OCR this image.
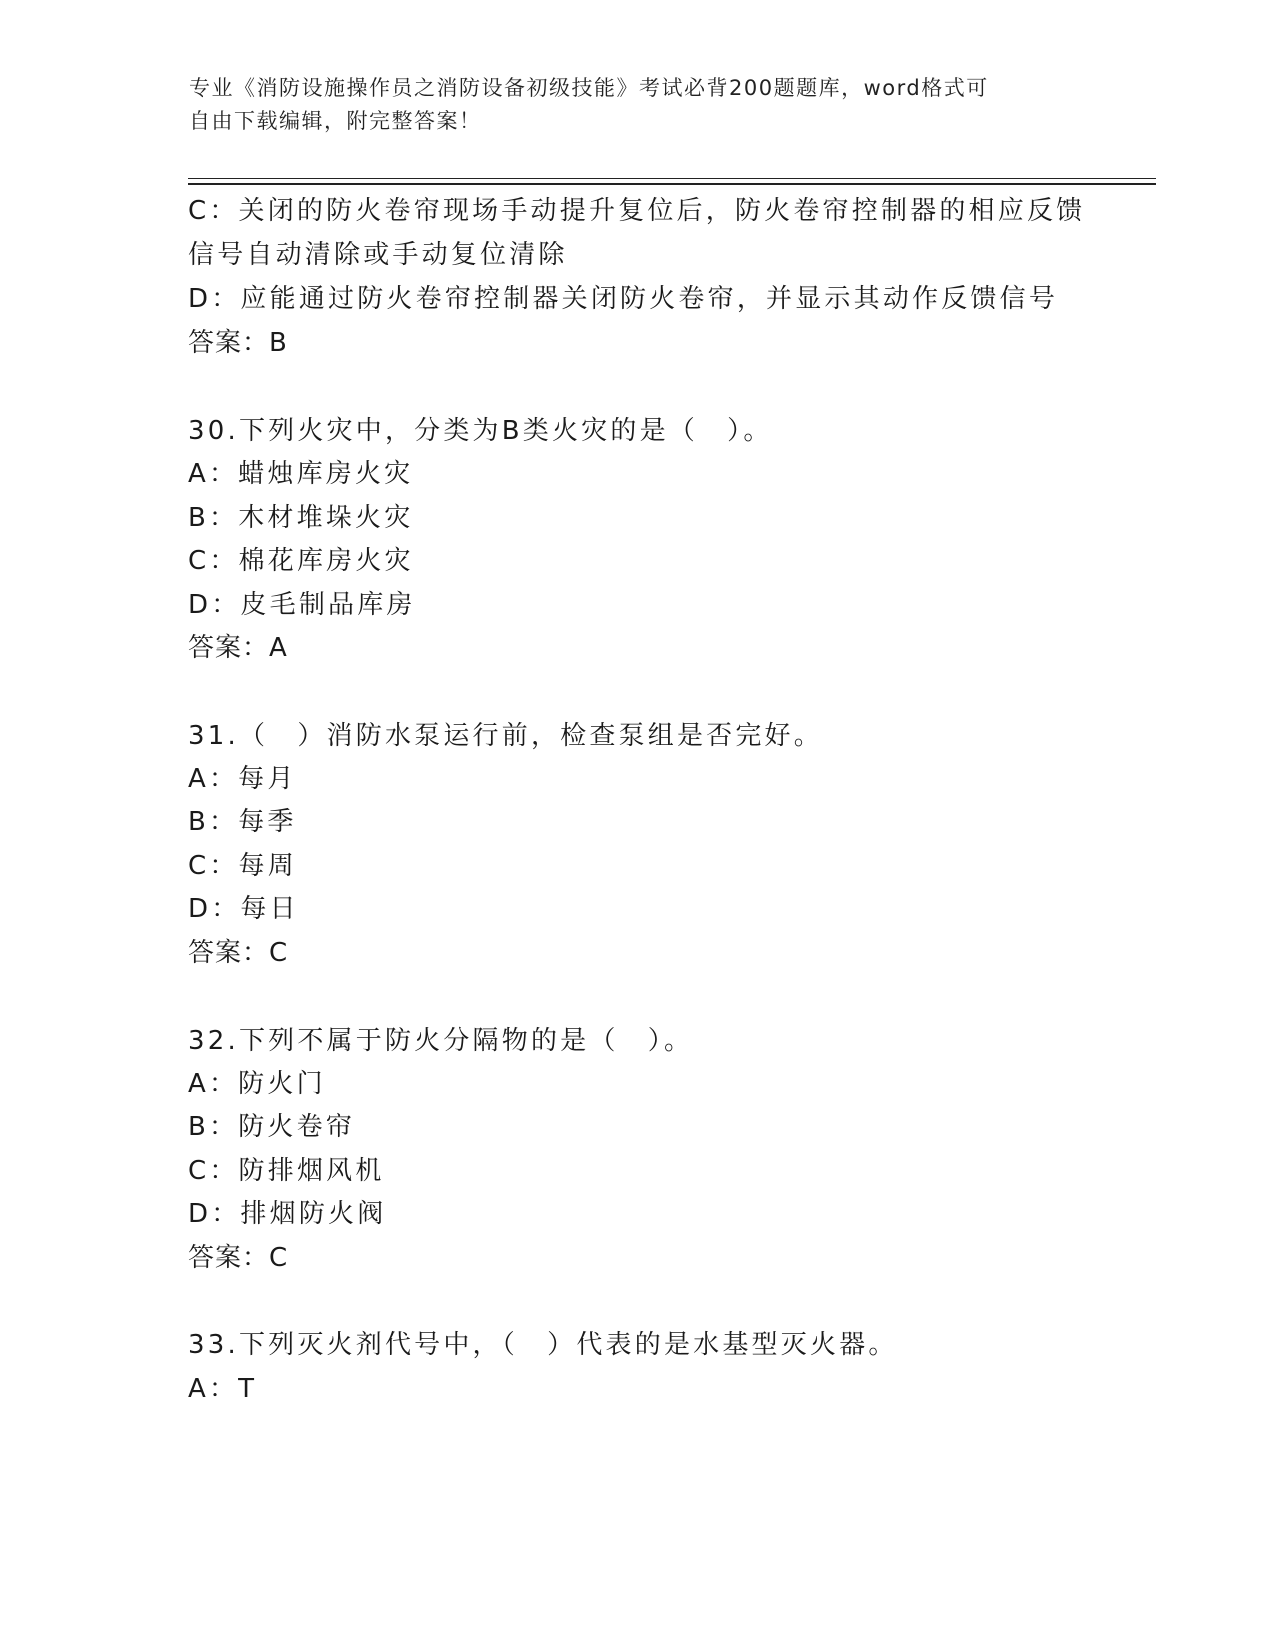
专业《消防设施操作员之消防设备初级技能》考试必背200题题库，word格式可
自由下载编辑，附完整答案！
C：关闭的防火卷帘现场手动提升复位后，防火卷帘控制器的相应反馈
信号自动清除或手动复位清除
D：应能通过防火卷帘控制器关闭防火卷帘，并显示其动作反馈信号
答案：B
30.下列火灾中，分类为B类火灾的是（　）。
A：蜡烛库房火灾
B：木材堆垛火灾
C：棉花库房火灾
D：皮毛制品库房
答案：A
31.（　）消防水泵运行前，检查泵组是否完好。
A：每月
B：每季
C：每周
D：每日
答案：C
32.下列不属于防火分隔物的是（　）。
A：防火门
B：防火卷帘
C：防排烟风机
D：排烟防火阀
答案：C
33.下列灭火剂代号中，（　）代表的是水基型灭火器。
A：T
